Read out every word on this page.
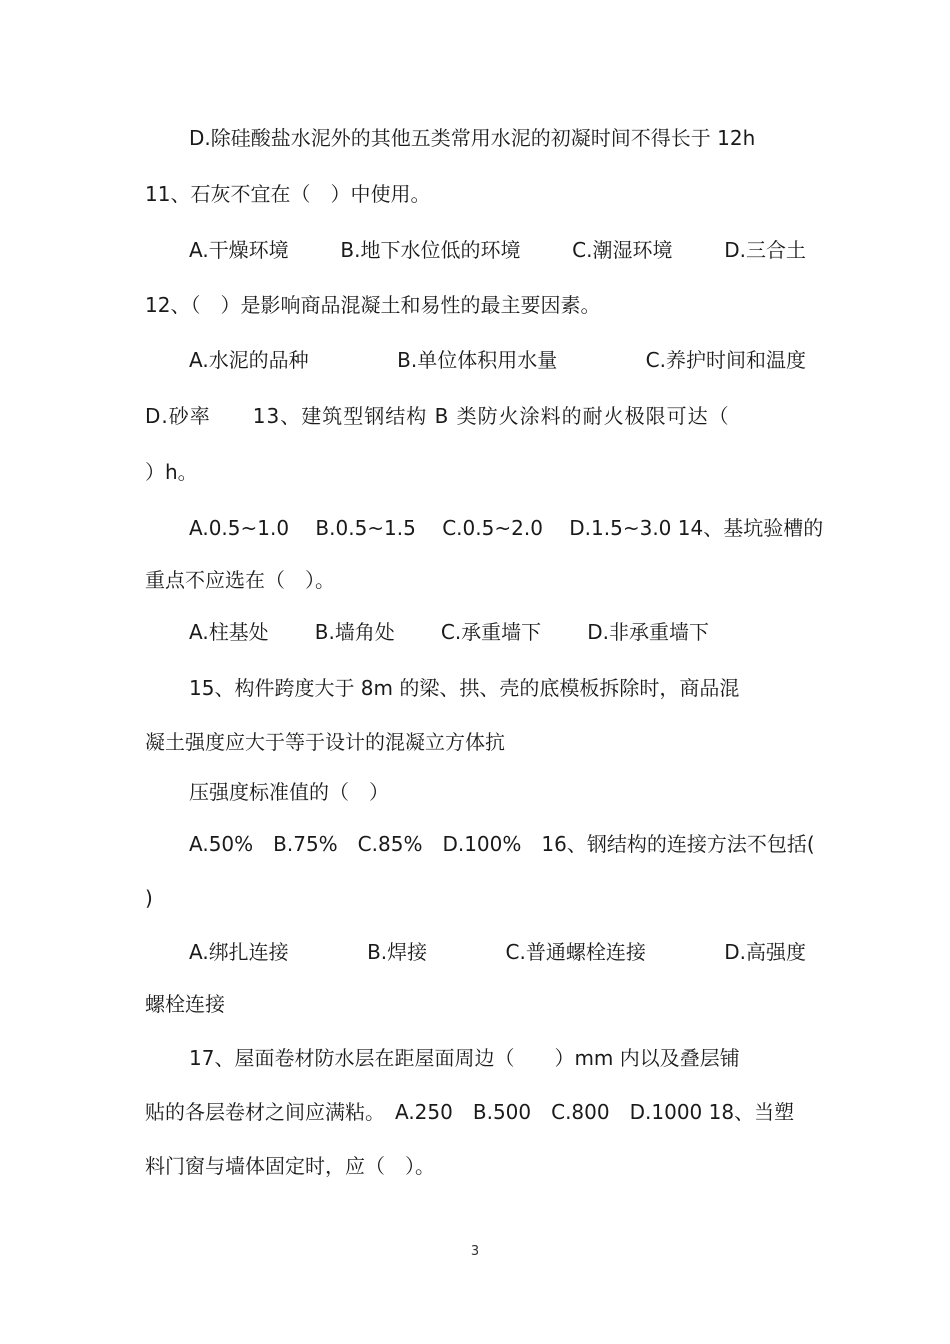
D.除硅酸盐水泥外的其他五类常用水泥的初凝时间不得长于 12h
11、石灰不宜在（　）中使用。
A.干燥环境	B.地下水位低的环境	C.潮湿环境	D.三合土
12、（　）是影响商品混凝土和易性的最主要因素。
A.水泥的品种	B.单位体积用水量	C.养护时间和温度
D.砂率　　13、建筑型钢结构 B 类防火涂料的耐火极限可达（
）h。
A.0.5~1.0　 B.0.5~1.5　 C.0.5~2.0　 D.1.5~3.0 14、基坑验槽的
重点不应选在（　）。
A.柱基处 B.墙角处 C.承重墙下 D.非承重墙下
15、构件跨度大于 8m 的梁、拱、壳的底模板拆除时，商品混
凝土强度应大于等于设计的混凝立方体抗
压强度标准值的（　）
A.50%　B.75%　C.85%　D.100%　16、钢结构的连接方法不包括(
)
A.绑扎连接	B.焊接	C.普通螺栓连接	D.高强度
螺栓连接
17、屋面卷材防水层在距屋面周边（　　）mm 内以及叠层铺
贴的各层卷材之间应满粘。　A.250　B.500　C.800　D.1000 18、当塑
料门窗与墙体固定时，应（　）。
3
